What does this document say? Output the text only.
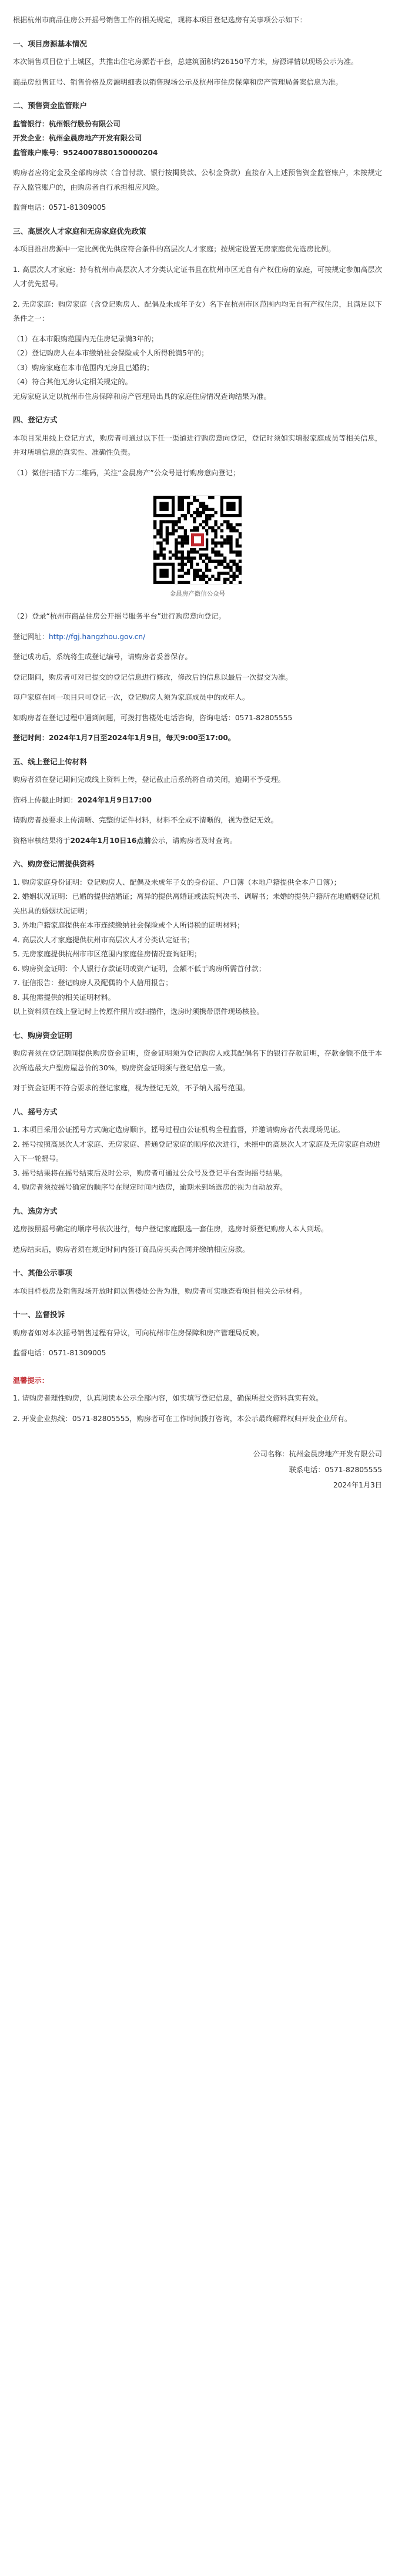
根据杭州市商品住房公开摇号销售工作的相关规定，现将本项目登记选房有关事项公示如下：

一、项目房源基本情况

本次销售项目位于上城区，共推出住宅房源若干套，总建筑面积约26150平方米，房源详情以现场公示为准。

商品房预售证号、销售价格及房源明细表以销售现场公示及杭州市住房保障和房产管理局备案信息为准。

二、预售资金监管账户
监管银行：杭州银行股份有限公司
开发企业：杭州金晨房地产开发有限公司

监管账户账号：9524007880150000204

购房者应将定金及全部购房款（含首付款、银行按揭贷款、公积金贷款）直接存入上述预售资金监管账户，未按规定存入监管账户的，由购房者自行承担相应风险。

监督电话：0571-81309005

三、高层次人才家庭和无房家庭优先政策

本项目推出房源中一定比例优先供应符合条件的高层次人才家庭；按规定设置无房家庭优先选房比例。

1. 高层次人才家庭：持有杭州市高层次人才分类认定证书且在杭州市区无自有产权住房的家庭，可按规定参加高层次人才优先摇号。

2. 无房家庭：购房家庭（含登记购房人、配偶及未成年子女）名下在杭州市区范围内均无自有产权住房，且满足以下条件之一：

（1）在本市限购范围内无住房记录满3年的；
（2）登记购房人在本市缴纳社会保险或个人所得税满5年的；
（3）购房家庭在本市范围内无房且已婚的；
（4）符合其他无房认定相关规定的。

无房家庭认定以杭州市住房保障和房产管理局出具的家庭住房情况查询结果为准。

四、登记方式

本项目采用线上登记方式，购房者可通过以下任一渠道进行购房意向登记，登记时须如实填报家庭成员等相关信息，并对所填信息的真实性、准确性负责。

（1）微信扫描下方二维码，关注“金晨房产”公众号进行购房意向登记；

金晨房产微信公众号

（2）登录“杭州市商品住房公开摇号服务平台”进行购房意向登记。

登记网址：http://fgj.hangzhou.gov.cn/

登记成功后，系统将生成登记编号，请购房者妥善保存。

登记期间，购房者可对已提交的登记信息进行修改，修改后的信息以最后一次提交为准。

每户家庭在同一项目只可登记一次，登记购房人须为家庭成员中的成年人。

如购房者在登记过程中遇到问题，可拨打售楼处电话咨询，咨询电话：0571-82805555

登记时间：2024年1月7日至2024年1月9日，每天9:00至17:00。

五、线上登记上传材料

购房者须在登记期间完成线上资料上传，登记截止后系统将自动关闭，逾期不予受理。

资料上传截止时间：2024年1月9日17:00

请购房者按要求上传清晰、完整的证件材料，材料不全或不清晰的，视为登记无效。

资格审核结果将于2024年1月10日16点前公示，请购房者及时查询。

六、购房登记需提供资料
1. 购房家庭身份证明：登记购房人、配偶及未成年子女的身份证、户口簿（本地户籍提供全本户口簿）；
2. 婚姻状况证明：已婚的提供结婚证；离异的提供离婚证或法院判决书、调解书；未婚的提供户籍所在地婚姻登记机关出具的婚姻状况证明；
3. 外地户籍家庭提供在本市连续缴纳社会保险或个人所得税的证明材料；
4. 高层次人才家庭提供杭州市高层次人才分类认定证书；
5. 无房家庭提供杭州市市区范围内家庭住房情况查询证明；
6. 购房资金证明：个人银行存款证明或资产证明，金额不低于购房所需首付款；
7. 征信报告：登记购房人及配偶的个人信用报告；
8. 其他需提供的相关证明材料。

以上资料须在线上登记时上传原件照片或扫描件，选房时须携带原件现场核验。

七、购房资金证明

购房者须在登记期间提供购房资金证明，资金证明须为登记购房人或其配偶名下的银行存款证明，存款金额不低于本次所选最大户型房屋总价的30%，购房资金证明须与登记信息一致。

对于资金证明不符合要求的登记家庭，视为登记无效，不予纳入摇号范围。

八、摇号方式
1. 本项目采用公证摇号方式确定选房顺序，摇号过程由公证机构全程监督，并邀请购房者代表现场见证。
2. 摇号按照高层次人才家庭、无房家庭、普通登记家庭的顺序依次进行，未摇中的高层次人才家庭及无房家庭自动进入下一轮摇号。
3. 摇号结果将在摇号结束后及时公示，购房者可通过公众号及登记平台查询摇号结果。

4. 购房者须按摇号确定的顺序号在规定时间内选房，逾期未到场选房的视为自动放弃。

九、选房方式

选房按照摇号确定的顺序号依次进行，每户登记家庭限选一套住房，选房时须登记购房人本人到场。

选房结束后，购房者须在规定时间内签订商品房买卖合同并缴纳相应房款。

十、其他公示事项

本项目样板房及销售现场开放时间以售楼处公告为准，购房者可实地查看项目相关公示材料。

十一、监督投诉

购房者如对本次摇号销售过程有异议，可向杭州市住房保障和房产管理局反映。

监督电话：0571-81309005

温馨提示：

1. 请购房者理性购房，认真阅读本公示全部内容，如实填写登记信息，确保所提交资料真实有效。

2. 开发企业热线：0571-82805555，购房者可在工作时间拨打咨询，本公示最终解释权归开发企业所有。

公司名称：杭州金晨房地产开发有限公司
联系电话：0571-82805555
2024年1月3日
